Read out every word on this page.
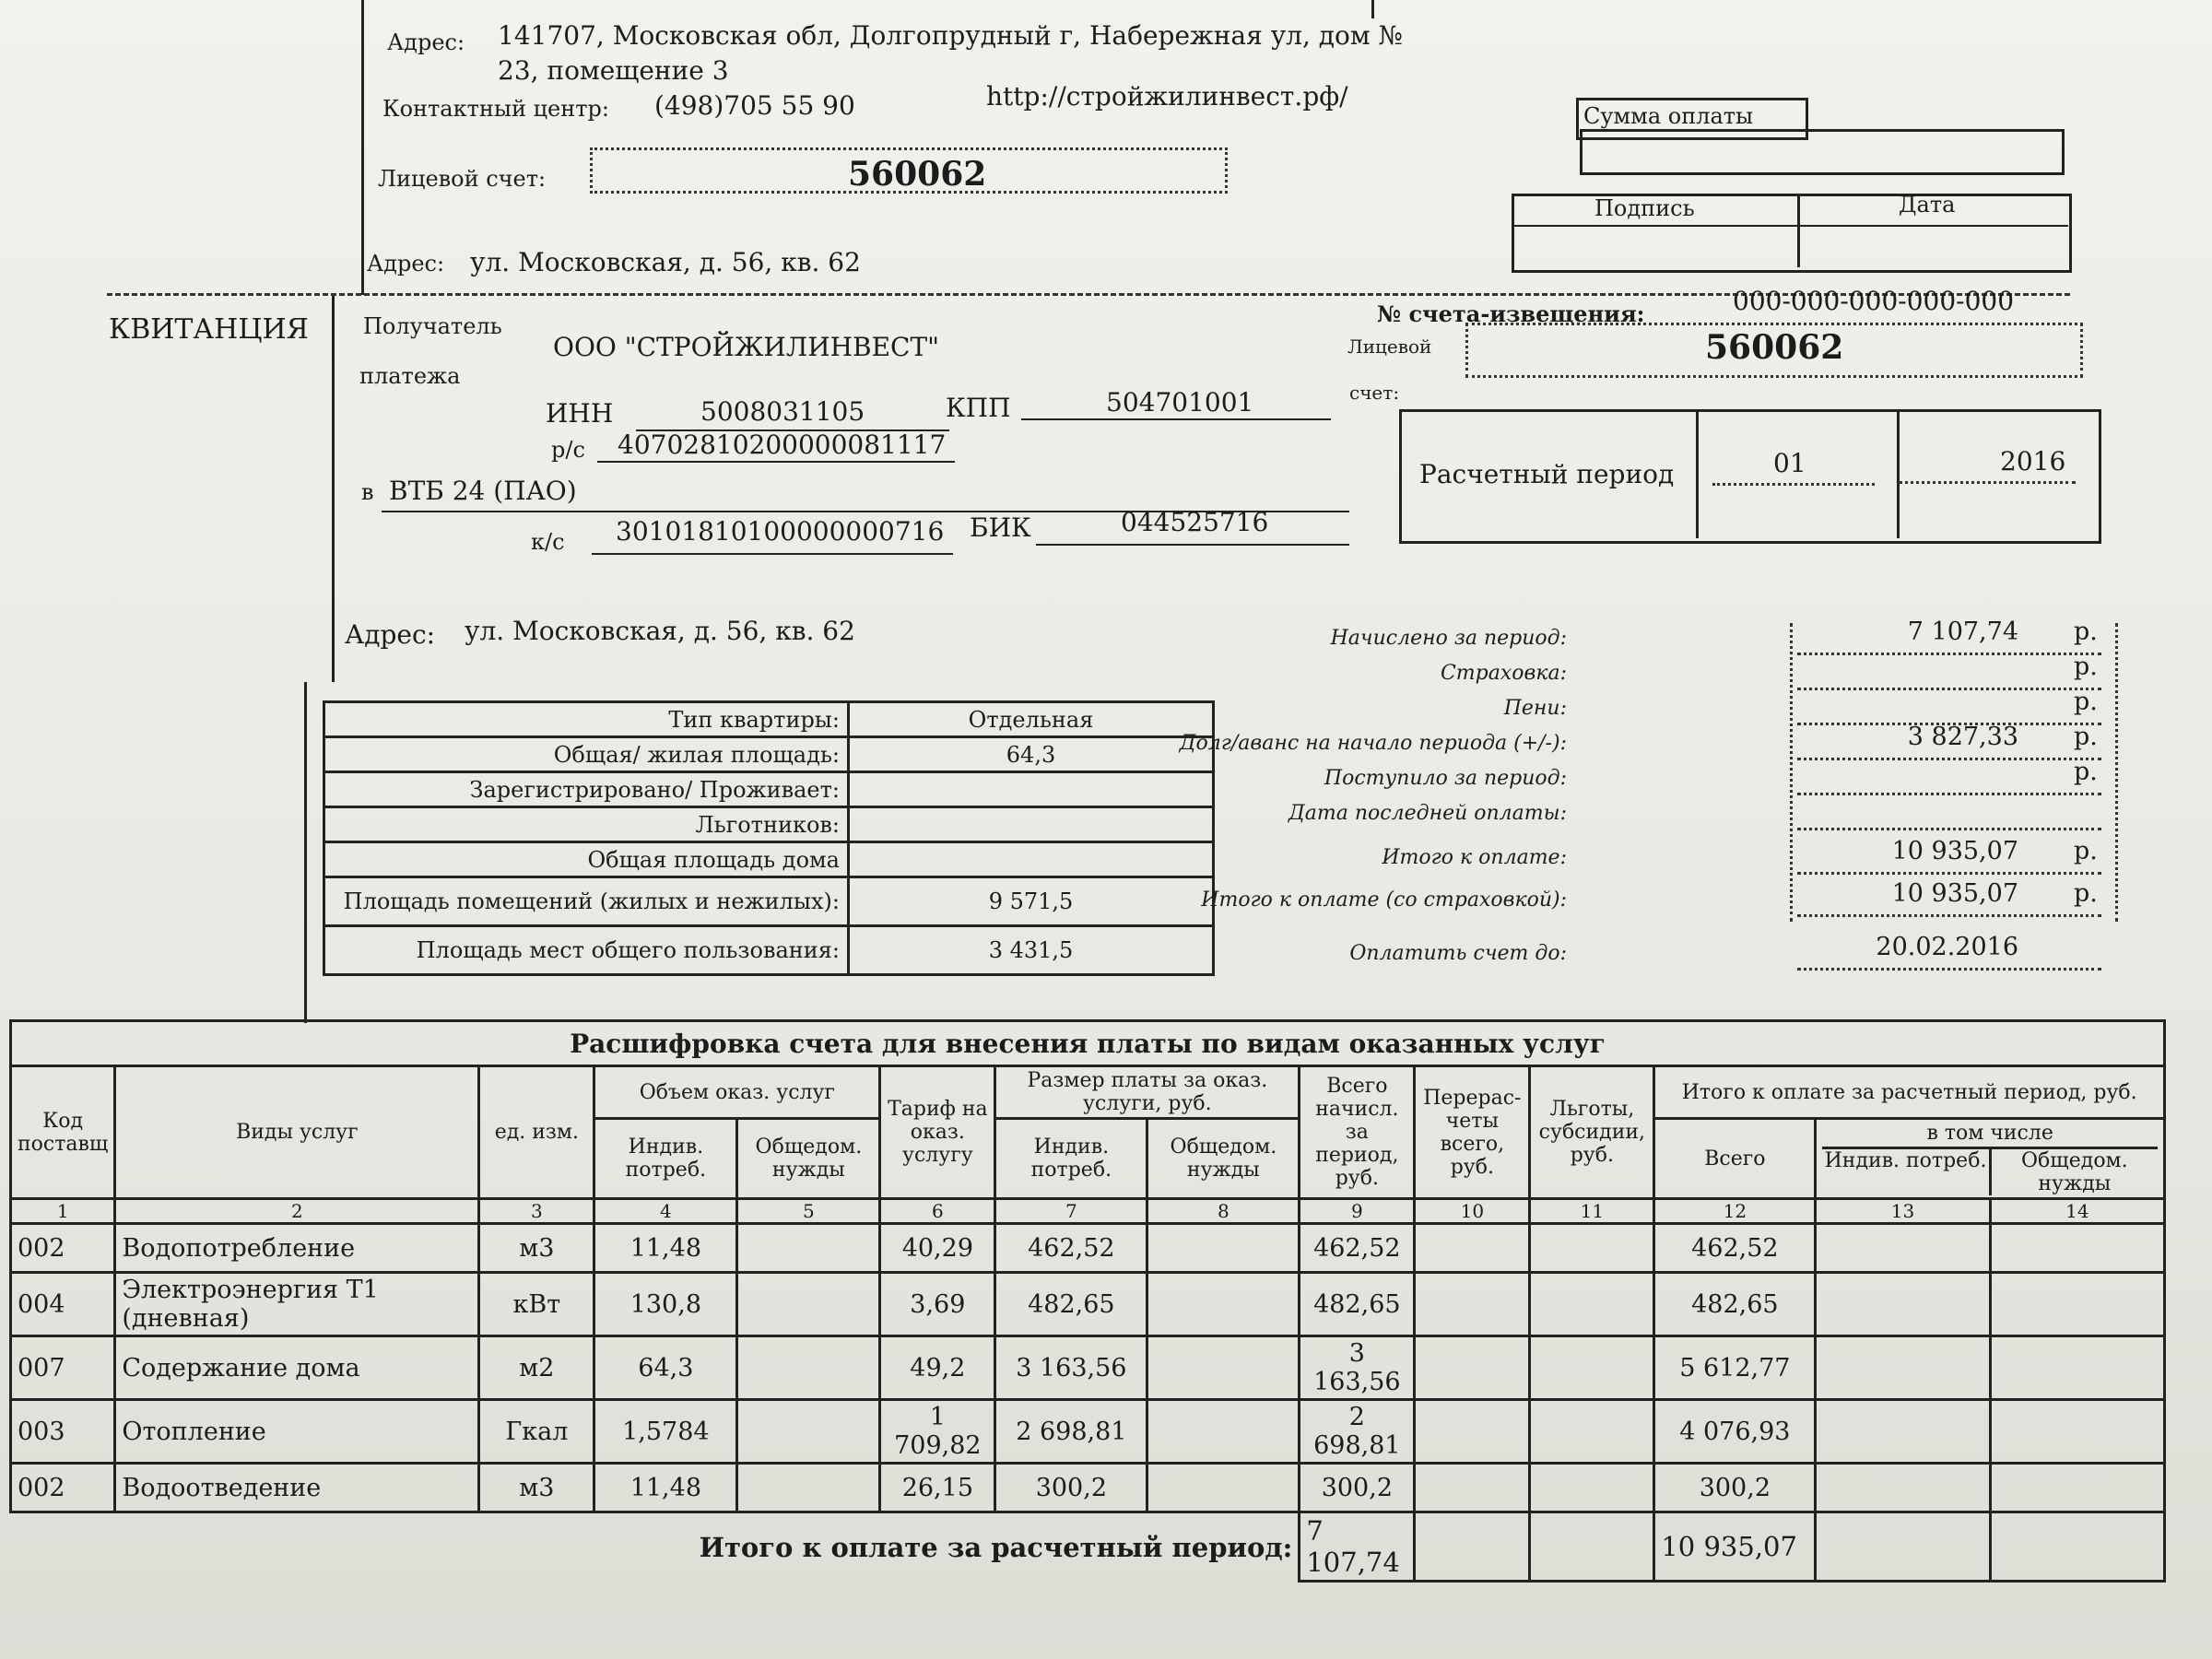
Адрес: 141707, Московская обл, Долгопрудный г, Набережная ул, дом №
23, помещение 3
Контактный центр: (498)705 55 90	http://стройжилинвест.рф/
Лицевой счет:	560062
Адрес: ул. Московская, д. 56, кв. 62
Сумма оплаты
Подпись	Дата
КВИТАНЦИЯ Получатель
платежа
ООО "СТРОЙЖИЛИНВЕСТ"
ИНН	5008031105	КПП	504701001
р/с 40702810200000081117
в ВТБ 24 (ПАО)
к/с 30101810100000000716 БИК	044525716
Адрес: ул. Московская, д. 56, кв. 62
№ счета-извещения:	000-000-000-000-000
Лицевой
счет:
560062
Расчетный период	01	2016
Тип квартиры:	Отдельная
Общая/ жилая площадь:	64,3
Зарегистрировано/ Проживает:	
Льготников:	
Общая площадь дома	
Площадь помещений (жилых и нежилых):	9 571,5
Площадь мест общего пользования:	3 431,5
Начислено за период:	7 107,74 р.
Страховка:	р.
Пени:	р.
Долг/аванс на начало периода (+/-):	3 827,33 р.
Поступило за период:	р.
Дата последней оплаты:
Итого к оплате:	10 935,07 р.
Итого к оплате (со страховкой):	10 935,07 р.
Оплатить счет до:	20.02.2016
Расшифровка счета для внесения платы по видам оказанных услуг													
Код поставщ	Виды услуг	ед. изм.	Объем оказ. услуг		Тариф на оказ. услугу	Размер платы за оказ. услуги, руб.		Всего начисл. за период, руб.	Перерас-четы всего, руб.	Льготы, субсидии, руб.	Итого к оплате за расчетный период, руб.		
			Индив. потреб.	Общедом. нужды		Индив. потреб.	Общедом. нужды				Всего	в том числе
Индив. потреб. Общедом. нужды	

1	2	3	4	5	6	7	8	9	10	11	12	13	14
002	Водопотребление	м3	11,48		40,29	462,52		462,52			462,52		
004	Электроэнергия Т1 (дневная)	кВт	130,8		3,69	482,65		482,65			482,65		
007	Содержание дома	м2	64,3		49,2	3 163,56		3 163,56			5 612,77		
003	Отопление	Гкал	1,5784		1 709,82	2 698,81		2 698,81			4 076,93		
002	Водоотведение	м3	11,48		26,15	300,2		300,2			300,2		
Итого к оплате за расчетный период:								7 107,74			10 935,07		
